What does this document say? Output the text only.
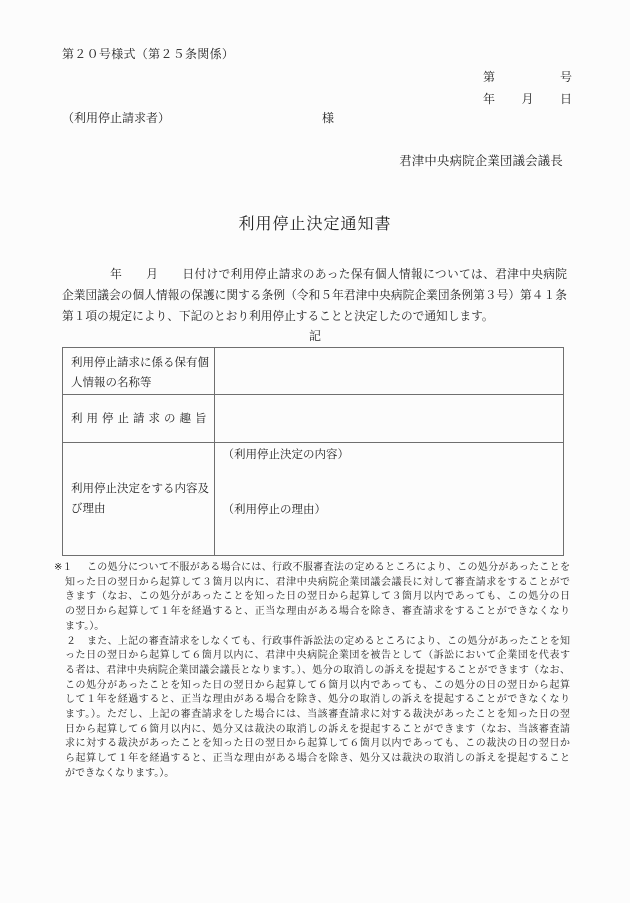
第２０号様式（第２５条関係）
第	号
年 月 日
（利用停止請求者）	様
君津中央病院企業団議会議長
利用停止決定通知書
　　　　年　　月　　日付けで利用停止請求のあった保有個人情報については、君津中央病院
企業団議会の個人情報の保護に関する条例（令和５年君津中央病院企業団条例第３号）第４１条
第１項の規定により、下記のとおり利用停止することと決定したので通知します。
記
利用停止請求に係る保有個人情報の名称等	
利用停止請求の趣旨	
利用停止決定をする内容及び理由	（利用停止決定の内容）
（利用停止の理由）
※１	この処分について不服がある場合には、行政不服審査法の定めるところにより、この処分があったことを
知った日の翌日から起算して３箇月以内に、君津中央病院企業団議会議長に対して審査請求をすることがで
きます（なお、この処分があったことを知った日の翌日から起算して３箇月以内であっても、この処分の日
の翌日から起算して１年を経過すると、正当な理由がある場合を除き、審査請求をすることができなくなり
ます。）。
２	また、上記の審査請求をしなくても、行政事件訴訟法の定めるところにより、この処分があったことを知
った日の翌日から起算して６箇月以内に、君津中央病院企業団を被告として（訴訟において企業団を代表す
る者は、君津中央病院企業団議会議長となります。）、処分の取消しの訴えを提起することができます（なお、
この処分があったことを知った日の翌日から起算して６箇月以内であっても、この処分の日の翌日から起算
して１年を経過すると、正当な理由がある場合を除き、処分の取消しの訴えを提起することができなくなり
ます。）。ただし、上記の審査請求をした場合には、当該審査請求に対する裁決があったことを知った日の翌
日から起算して６箇月以内に、処分又は裁決の取消しの訴えを提起することができます（なお、当該審査請
求に対する裁決があったことを知った日の翌日から起算して６箇月以内であっても、この裁決の日の翌日か
ら起算して１年を経過すると、正当な理由がある場合を除き、処分又は裁決の取消しの訴えを提起すること
ができなくなります。）。
